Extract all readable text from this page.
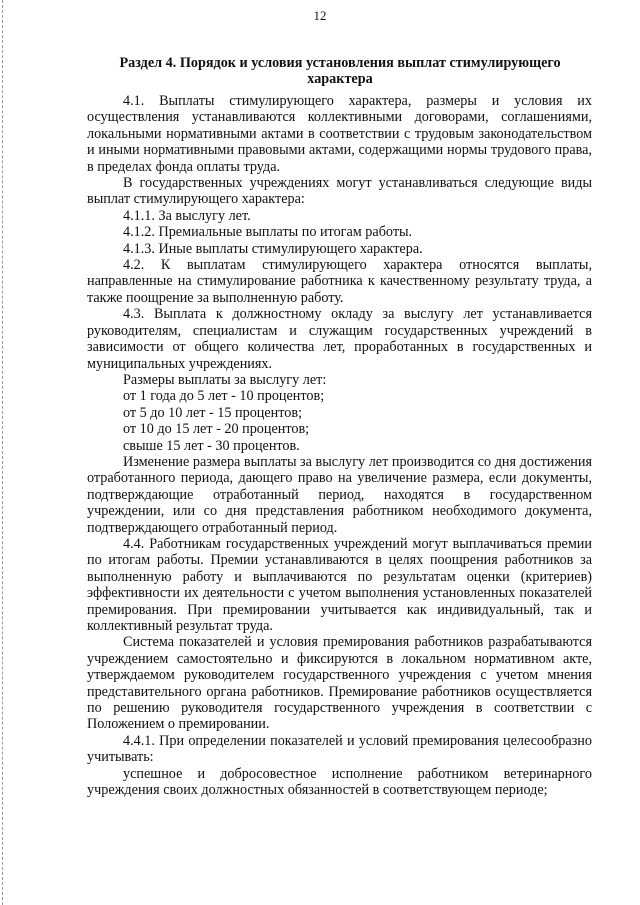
12
Раздел 4. Порядок и условия установления выплат стимулирующего
характера

4.1. Выплаты стимулирующего характера, размеры и условия их осуществления устанавливаются коллективными договорами, соглашениями, локальными нормативными актами в соответствии с трудовым законодательством и иными нормативными правовыми актами, содержащими нормы трудового права, в пределах фонда оплаты труда.

В государственных учреждениях могут устанавливаться следующие виды выплат стимулирующего характера:

4.1.1. За выслугу лет.

4.1.2. Премиальные выплаты по итогам работы.

4.1.3. Иные выплаты стимулирующего характера.

4.2. К выплатам стимулирующего характера относятся выплаты, направленные на стимулирование работника к качественному результату труда, а также поощрение за выполненную работу.

4.3. Выплата к должностному окладу за выслугу лет устанавливается руководителям, специалистам и служащим государственных учреждений в зависимости от общего количества лет, проработанных в государственных и муниципальных учреждениях.

Размеры выплаты за выслугу лет:

от 1 года до 5 лет - 10 процентов;

от 5 до 10 лет - 15 процентов;

от 10 до 15 лет - 20 процентов;

свыше 15 лет - 30 процентов.

Изменение размера выплаты за выслугу лет производится со дня достижения отработанного периода, дающего право на увеличение размера, если документы, подтверждающие отработанный период, находятся в государственном учреждении, или со дня представления работником необходимого документа, подтверждающего отработанный период.

4.4. Работникам государственных учреждений могут выплачиваться премии по итогам работы. Премии устанавливаются в целях поощрения работников за выполненную работу и выплачиваются по результатам оценки (критериев) эффективности их деятельности с учетом выполнения установленных показателей премирования. При премировании учитывается как индивидуальный, так и коллективный результат труда.

Система показателей и условия премирования работников разрабатываются учреждением самостоятельно и фиксируются в локальном нормативном акте, утверждаемом руководителем государственного учреждения с учетом мнения представительного органа работников. Премирование работников осуществляется по решению руководителя государственного учреждения в соответствии с Положением о премировании.

4.4.1. При определении показателей и условий премирования целесообразно учитывать:

успешное и добросовестное исполнение работником ветеринарного учреждения своих должностных обязанностей в соответствующем периоде;
